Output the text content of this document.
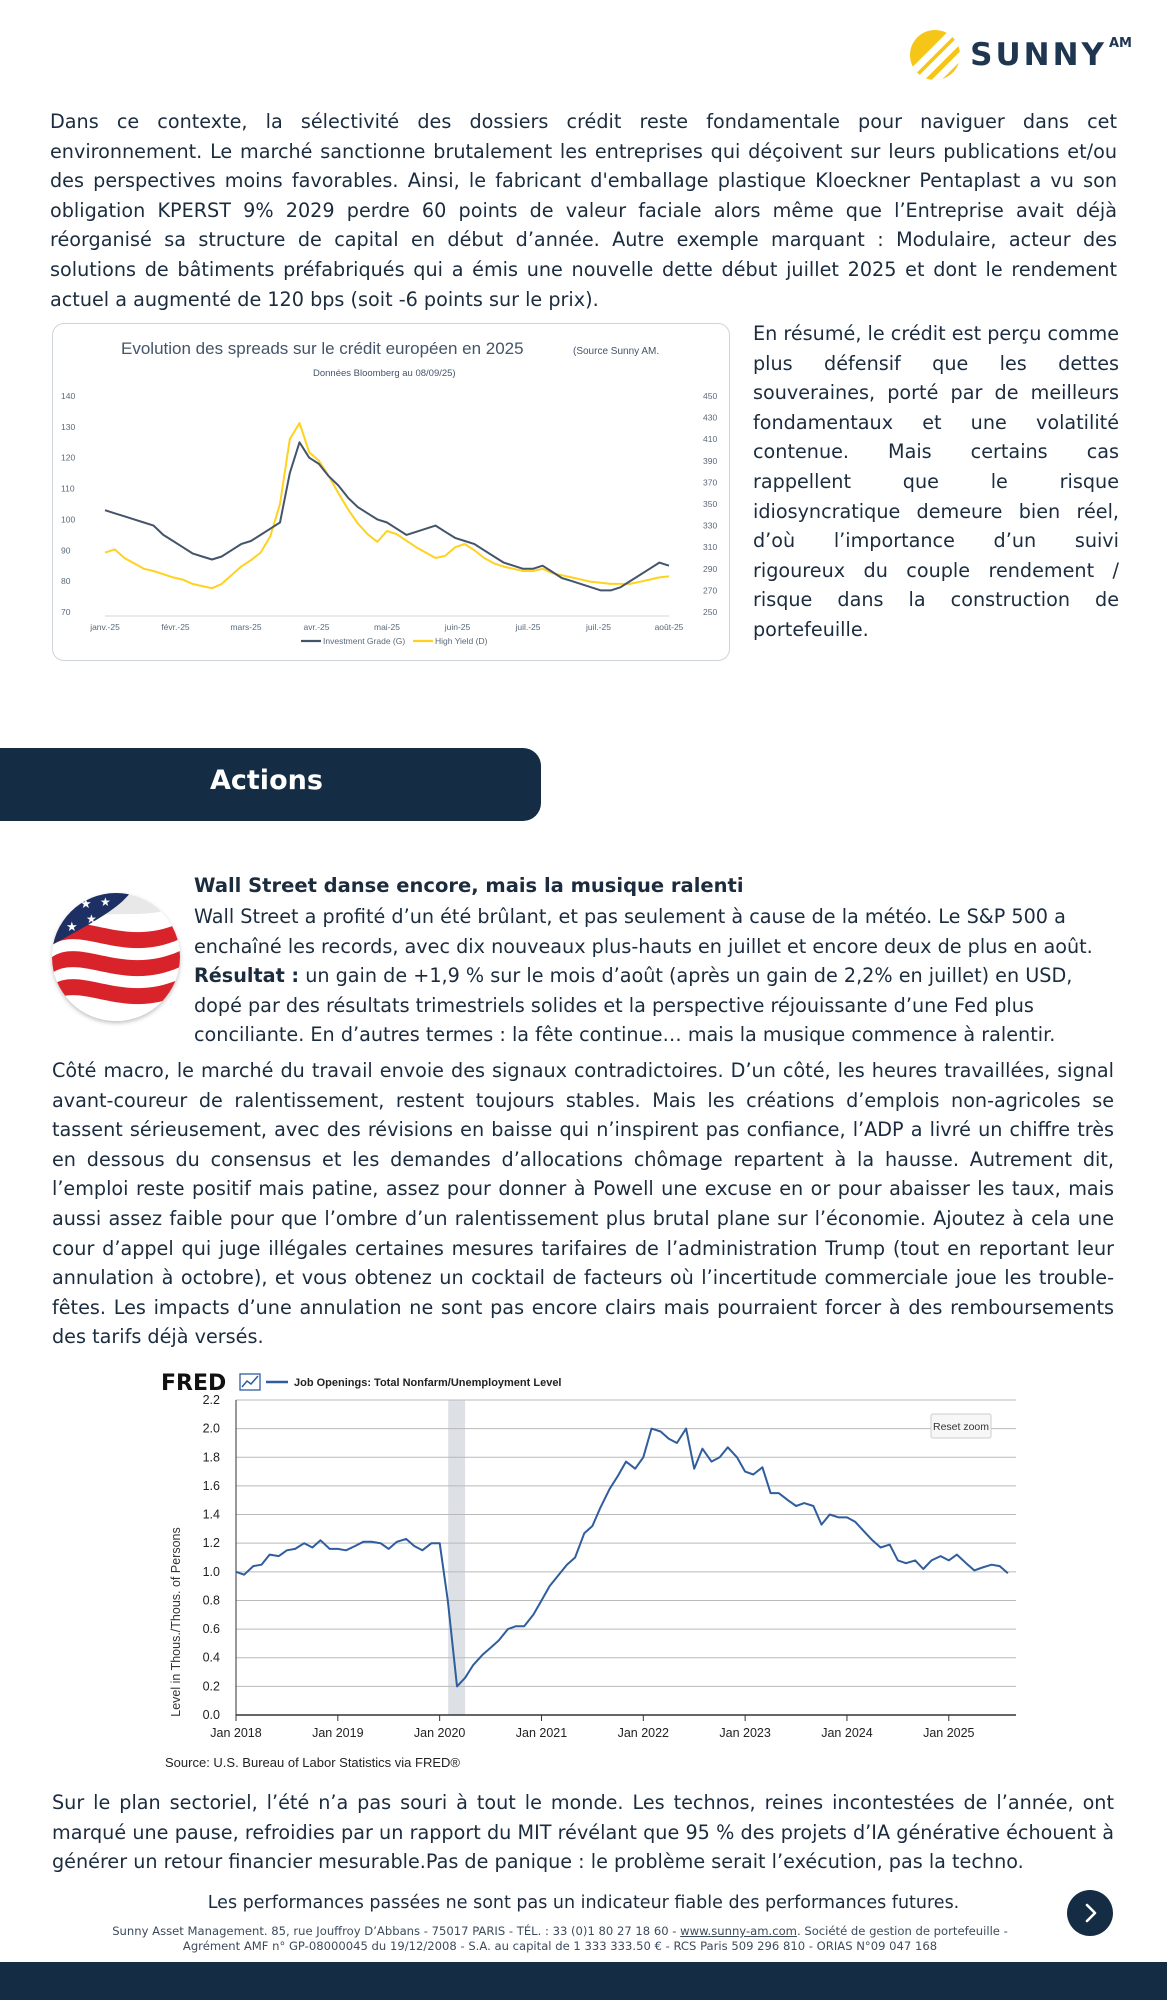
SUNNY AM

Dans ce contexte, la sélectivité des dossiers crédit reste fondamentale pour naviguer dans cet environnement. Le marché sanctionne brutalement les entreprises qui déçoivent sur leurs publications et/ou des perspectives moins favorables. Ainsi, le fabricant d'emballage plastique Kloeckner Pentaplast a vu son obligation KPERST 9% 2029 perdre 60 points de valeur faciale alors même que l’Entreprise avait déjà réorganisé sa structure de capital en début d’année. Autre exemple marquant : Modulaire, acteur des solutions de bâtiments préfabriqués qui a émis une nouvelle dette début juillet 2025 et dont le rendement actuel a augmenté de 120 bps (soit -6 points sur le prix).

Evolution des spreads sur le crédit européen en 2025	(Source Sunny AM.
Données Bloomberg au 08/09/25)
70
80
90
100
110
120
130
140
250
270
290
310
330
350
370
390
410
430
450
janv.-25	févr.-25	mars-25	avr.-25	mai-25	juin-25	juil.-25	juil.-25	août-25
Investment Grade (G)	High Yield (D)

En résumé, le crédit est perçu comme plus défensif que les dettes souveraines, porté par de meilleurs fondamentaux et une volatilité contenue. Mais certains cas rappellent que le risque idiosyncratique demeure bien réel, d’où l’importance d’un suivi rigoureux du couple rendement / risque dans la construction de portefeuille.

Actions
★ ★ ★
★
★
Wall Street danse encore, mais la musique ralenti

Wall Street a profité d’un été brûlant, et pas seulement à cause de la météo. Le S&P 500 a enchaîné les records, avec dix nouveaux plus-hauts en juillet et encore deux de plus en août. Résultat : un gain de +1,9 % sur le mois d’août (après un gain de 2,2% en juillet) en USD, dopé par des résultats trimestriels solides et la perspective réjouissante d’une Fed plus conciliante. En d’autres termes : la fête continue… mais la musique commence à ralentir.

Côté macro, le marché du travail envoie des signaux contradictoires. D’un côté, les heures travaillées, signal avant-coureur de ralentissement, restent toujours stables. Mais les créations d’emplois non-agricoles se tassent sérieusement, avec des révisions en baisse qui n’inspirent pas confiance, l’ADP a livré un chiffre très en dessous du consensus et les demandes d’allocations chômage repartent à la hausse. Autrement dit, l’emploi reste positif mais patine, assez pour donner à Powell une excuse en or pour abaisser les taux, mais aussi assez faible pour que l’ombre d’un ralentissement plus brutal plane sur l’économie. Ajoutez à cela une cour d’appel qui juge illégales certaines mesures tarifaires de l’administration Trump (tout en reportant leur annulation à octobre), et vous obtenez un cocktail de facteurs où l’incertitude commerciale joue les trouble-fêtes. Les impacts d’une annulation ne sont pas encore clairs mais pourraient forcer à des remboursements des tarifs déjà versés.

FRED	Job Openings: Total Nonfarm/Unemployment Level
Level in Thous./Thous. of Persons 0.0
0.2
0.4
0.6
0.8
1.0
1.2
1.4
1.6
1.8
2.0
2.2
Jan 2018	Jan 2019	Jan 2020	Jan 2021	Jan 2022	Jan 2023	Jan 2024	Jan 2025
Reset zoom
Source: U.S. Bureau of Labor Statistics via FRED®

Sur le plan sectoriel, l’été n’a pas souri à tout le monde. Les technos, reines incontestées de l’année, ont marqué une pause, refroidies par un rapport du MIT révélant que 95 % des projets d’IA générative échouent à générer un retour financier mesurable.Pas de panique : le problème serait l’exécution, pas la techno.

Les performances passées ne sont pas un indicateur fiable des performances futures.

Sunny Asset Management. 85, rue Jouffroy D’Abbans - 75017 PARIS - TÉL. : 33 (0)1 80 27 18 60 - www.sunny-am.com. Société de gestion de portefeuille - Agrément AMF n° GP-08000045 du 19/12/2008 - S.A. au capital de 1 333 333.50 € - RCS Paris 509 296 810 - ORIAS N°09 047 168
